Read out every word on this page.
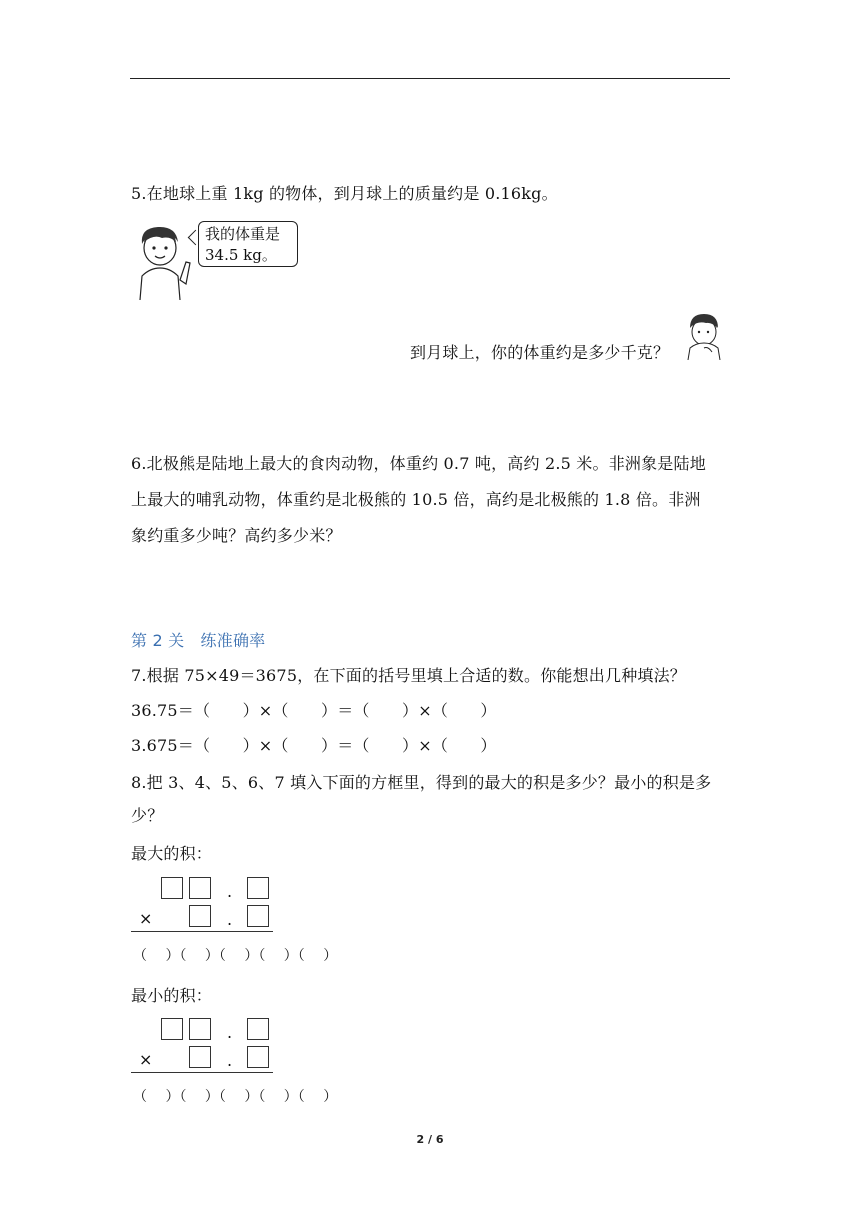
5.在地球上重 1kg 的物体，到月球上的质量约是 0.16kg。
我的体重是
34.5 kg。
到月球上，你的体重约是多少千克？
6.北极熊是陆地上最大的食肉动物，体重约 0.7 吨，高约 2.5 米。非洲象是陆地
上最大的哺乳动物，体重约是北极熊的 10.5 倍，高约是北极熊的 1.8 倍。非洲
象约重多少吨？高约多少米？
第 2 关　练准确率
7.根据 75×49＝3675，在下面的括号里填上合适的数。你能想出几种填法？
36.75＝（　　）×（　　）＝（　　）×（　　）
3.675＝（　　）×（　　）＝（　　）×（　　）
8.把 3、4、5、6、7 填入下面的方框里，得到的最大的积是多少？最小的积是多
少？
最大的积：
.
×	.
（　 ）（　 ）（　 ）（　 ）（　 ）
最小的积：
.
×	.
（　 ）（　 ）（　 ）（　 ）（　 ）
2 / 6
